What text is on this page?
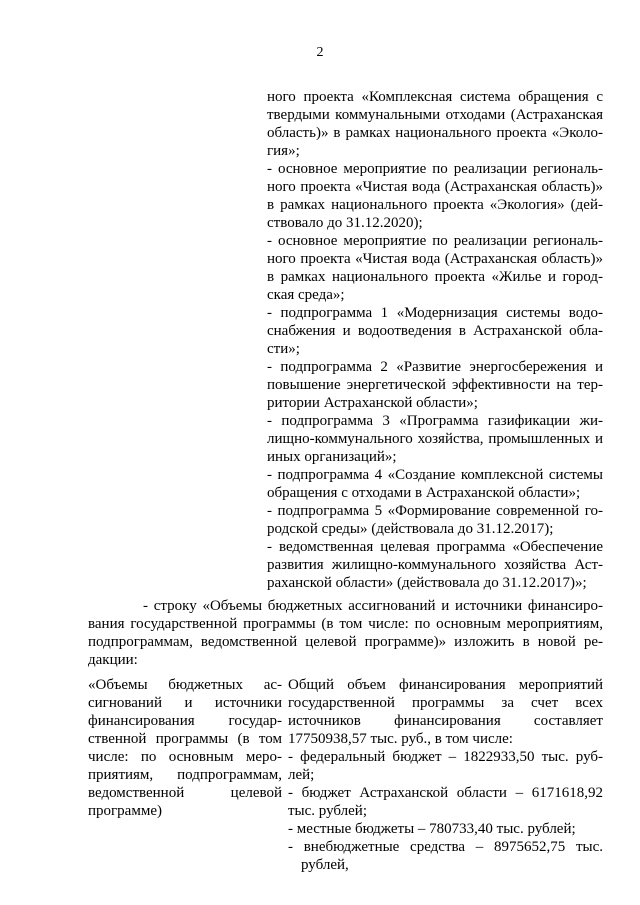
2
ного проекта «Комплексная система обращения с
твердыми коммунальными отходами (Астраханская
область)» в рамках национального проекта «Эколо-
гия»;
- основное мероприятие по реализации региональ-
ного проекта «Чистая вода (Астраханская область)»
в рамках национального проекта «Экология» (дей-
ствовало до 31.12.2020);
- основное мероприятие по реализации региональ-
ного проекта «Чистая вода (Астраханская область)»
в рамках национального проекта «Жилье и город-
ская среда»;
- подпрограмма 1 «Модернизация системы водо-
снабжения и водоотведения в Астраханской обла-
сти»;
- подпрограмма 2 «Развитие энергосбережения и
повышение энергетической эффективности на тер-
ритории Астраханской области»;
- подпрограмма 3 «Программа газификации жи-
лищно-коммунального хозяйства, промышленных и
иных организаций»;
- подпрограмма 4 «Создание комплексной системы
обращения с отходами в Астраханской области»;
- подпрограмма 5 «Формирование современной го-
родской среды» (действовала до 31.12.2017);
- ведомственная целевая программа «Обеспечение
развития жилищно-коммунального хозяйства Аст-
раханской области» (действовала до 31.12.2017)»;
- строку «Объемы бюджетных ассигнований и источники финансиро-
вания государственной программы (в том числе: по основным мероприятиям,
подпрограммам, ведомственной целевой программе)» изложить в новой ре-
дакции:
«Объемы бюджетных ас-
сигнований и источники
финансирования государ-
ственной программы (в том
числе: по основным меро-
приятиям, подпрограммам,
ведомственной целевой
программе)
Общий объем финансирования мероприятий
государственной программы за счет всех
источников финансирования составляет
17750938,57 тыс. руб., в том числе:
- федеральный бюджет – 1822933,50 тыс. руб-
лей;
- бюджет Астраханской области – 6171618,92
тыс. рублей;
- местные бюджеты – 780733,40 тыс. рублей;
- внебюджетные средства – 8975652,75 тыс.
рублей,
